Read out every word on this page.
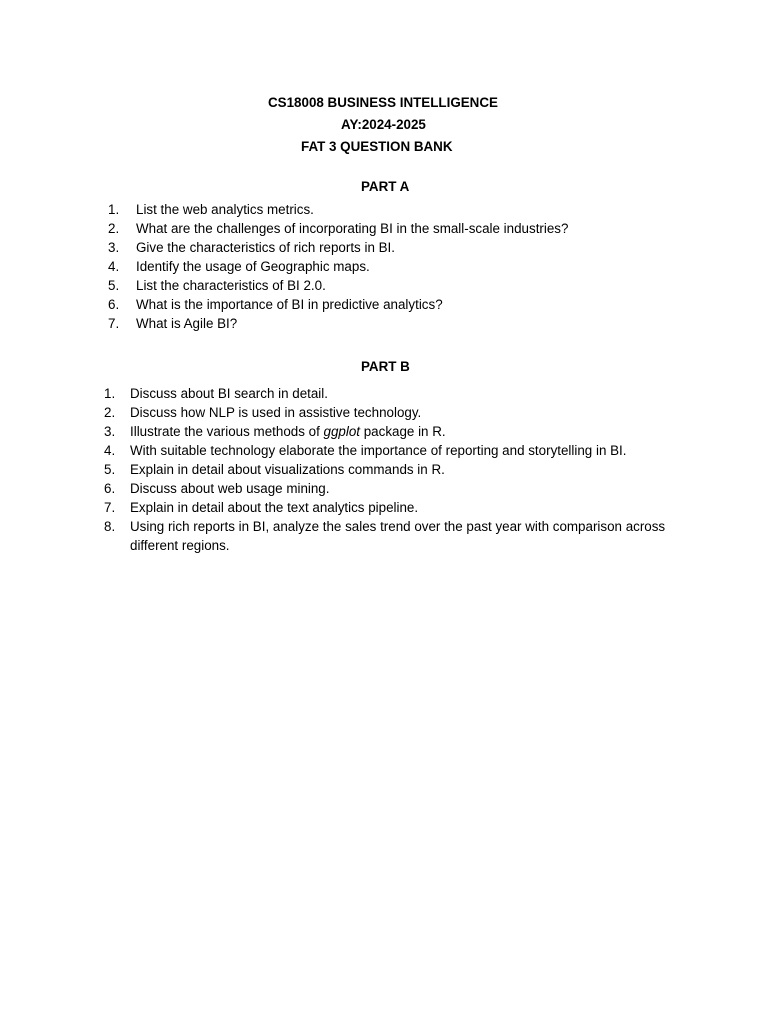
CS18008 BUSINESS INTELLIGENCE
AY:2024-2025
FAT 3 QUESTION BANK
PART A
1. List the web analytics metrics.
2. What are the challenges of incorporating BI in the small-scale industries?
3. Give the characteristics of rich reports in BI.
4. Identify the usage of Geographic maps.
5. List the characteristics of BI 2.0.
6. What is the importance of BI in predictive analytics?
7. What is Agile BI?
PART B
1. Discuss about BI search in detail.
2. Discuss how NLP is used in assistive technology.
3. Illustrate the various methods of ggplot package in R.
4. With suitable technology elaborate the importance of reporting and storytelling in BI.
5. Explain in detail about visualizations commands in R.
6. Discuss about web usage mining.
7. Explain in detail about the text analytics pipeline.
8. Using rich reports in BI, analyze the sales trend over the past year with comparison across different regions.
